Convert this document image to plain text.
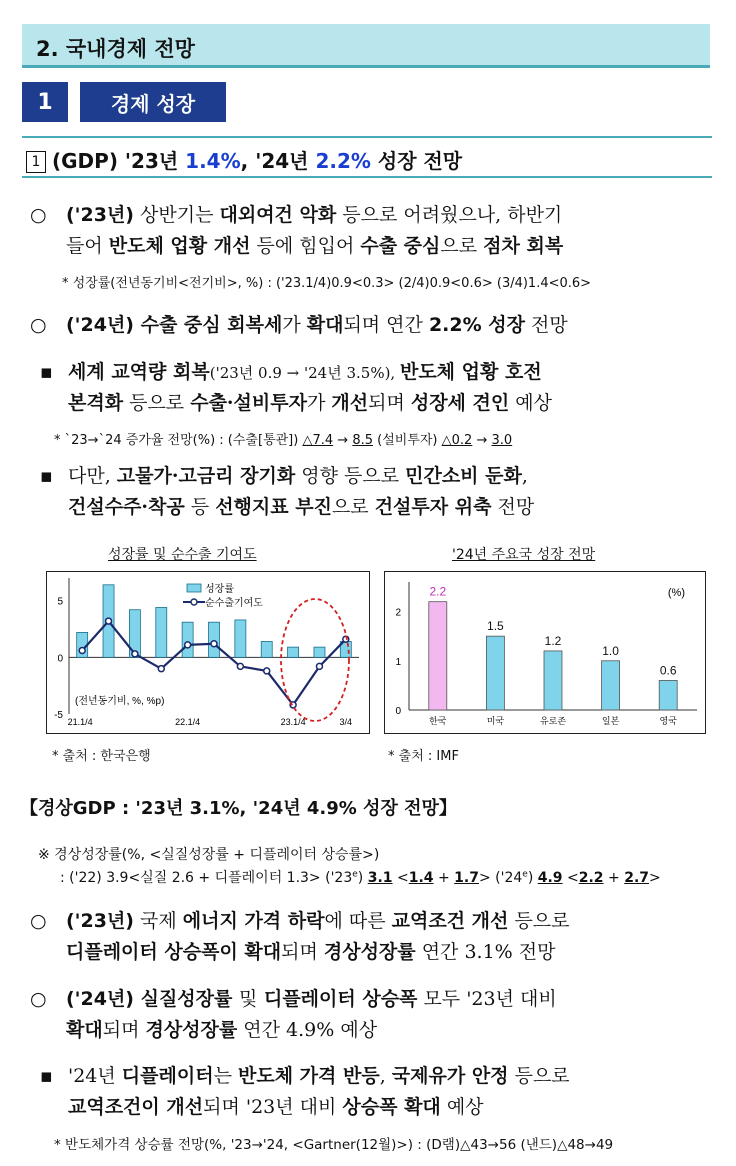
2. 국내경제 전망
1	경제 성장
1 (GDP) '23년 1.4%, '24년 2.2% 성장 전망
○ ('23년) 상반기는 대외여건 악화 등으로 어려웠으나, 하반기
들어 반도체 업황 개선 등에 힘입어 수출 중심으로 점차 회복
* 성장률(전년동기비<전기비>, %) : ('23.1/4)0.9<0.3> (2/4)0.9<0.6> (3/4)1.4<0.6>
○ ('24년) 수출 중심 회복세가 확대되며 연간 2.2% 성장 전망
▪ 세계 교역량 회복('23년 0.9 → '24년 3.5%), 반도체 업황 호전
본격화 등으로 수출·설비투자가 개선되며 성장세 견인 예상
* `23→`24 증가율 전망(%) : (수출[통관]) △7.4 → 8.5 (설비투자) △0.2 → 3.0
▪ 다만, 고물가·고금리 장기화 영향 등으로 민간소비 둔화,
건설수주·착공 등 선행지표 부진으로 건설투자 위축 전망
성장률 및 순수출 기여도	'24년 주요국 성장 전망
5
0
-5
21.1/4	22.1/4	23.1/4	3/4
성장률
순수출기여도
(전년동기비, %, %p)
2
1
0
(%)
2.2
한국
1.5
미국
1.2
유로존
1.0
일본
0.6
영국
* 출처 : 한국은행	* 출처 : IMF
【경상GDP : '23년 3.1%, '24년 4.9% 성장 전망】
※ 경상성장률(%, <실질성장률 + 디플레이터 상승률>)
: ('22) 3.9<실질 2.6 + 디플레이터 $1.3> ('23^e)$ $3.1 <1.4 + 1.7> ('24^e)$ 4.9 <2.2 + 2.7>
○ ('23년) 국제 에너지 가격 하락에 따른 교역조건 개선 등으로
디플레이터 상승폭이 확대되며 경상성장률 연간 3.1% 전망
○ ('24년) 실질성장률 및 디플레이터 상승폭 모두 '23년 대비
확대되며 경상성장률 연간 4.9% 예상
▪ '24년 디플레이터는 반도체 가격 반등, 국제유가 안정 등으로
교역조건이 개선되며 '23년 대비 상승폭 확대 예상
* 반도체가격 상승률 전망(%, '23→'24, <Gartner(12월)>) : (D램)△43→56 (낸드)△48→49
